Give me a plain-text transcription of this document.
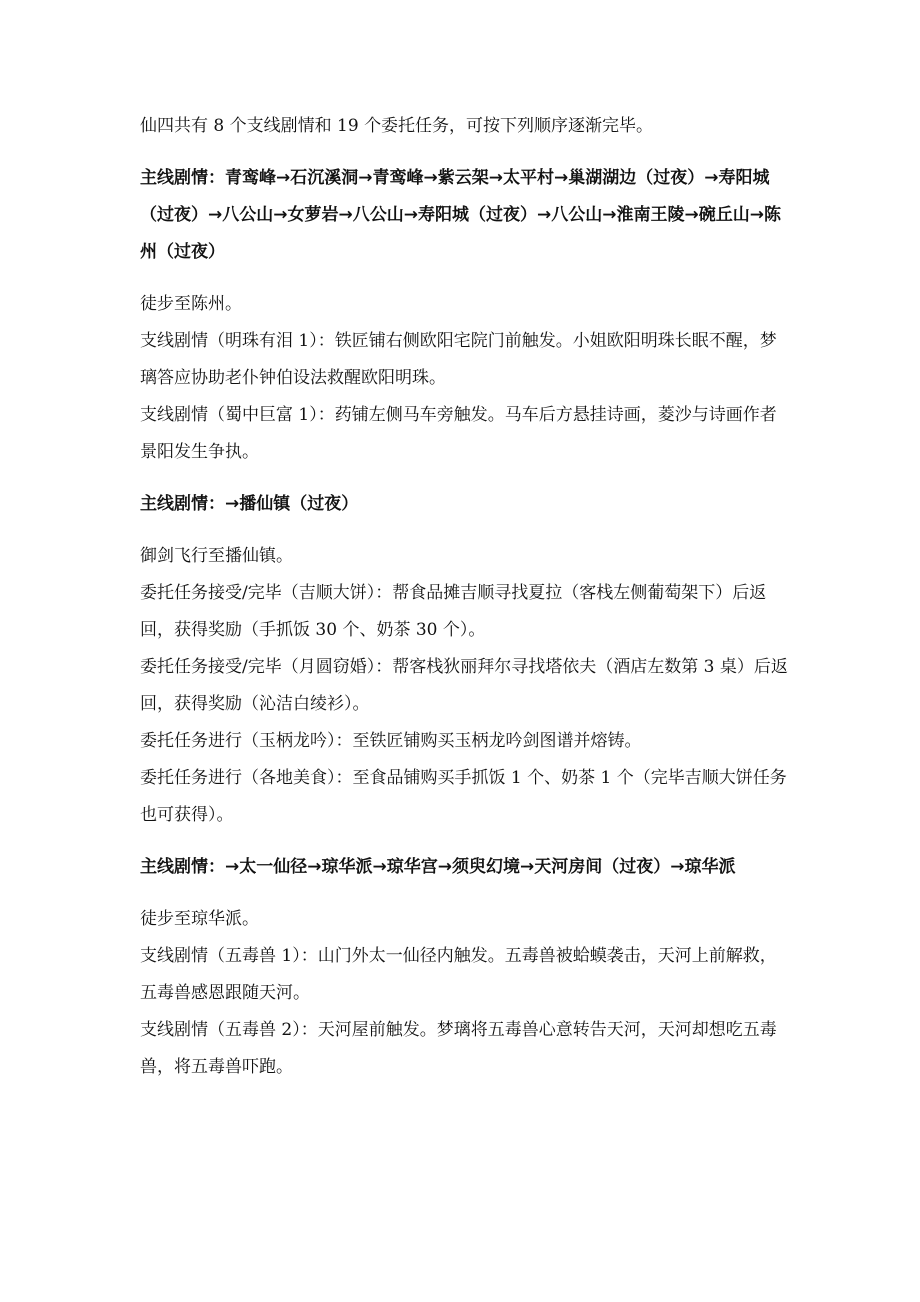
仙四共有 8 个支线剧情和 19 个委托任务，可按下列顺序逐渐完毕。

主线剧情：青鸾峰→石沉溪洞→青鸾峰→紫云架→太平村→巢湖湖边（过夜）→寿阳城（过夜）→八公山→女萝岩→八公山→寿阳城（过夜）→八公山→淮南王陵→碗丘山→陈州（过夜）

徒步至陈州。

支线剧情（明珠有泪 1）：铁匠铺右侧欧阳宅院门前触发。小姐欧阳明珠长眠不醒，梦璃答应协助老仆钟伯设法救醒欧阳明珠。

支线剧情（蜀中巨富 1）：药铺左侧马车旁触发。马车后方悬挂诗画，菱沙与诗画作者景阳发生争执。

主线剧情：→播仙镇（过夜）

御剑飞行至播仙镇。

委托任务接受/完毕（吉顺大饼）：帮食品摊吉顺寻找夏拉（客栈左侧葡萄架下）后返回，获得奖励（手抓饭 30 个、奶茶 30 个）。

委托任务接受/完毕（月圆窃婚）：帮客栈狄丽拜尔寻找塔依夫（酒店左数第 3 桌）后返回，获得奖励（沁洁白绫衫）。

委托任务进行（玉柄龙吟）：至铁匠铺购买玉柄龙吟剑图谱并熔铸。

委托任务进行（各地美食）：至食品铺购买手抓饭 1 个、奶茶 1 个（完毕吉顺大饼任务也可获得）。

主线剧情：→太一仙径→琼华派→琼华宫→须臾幻境→天河房间（过夜）→琼华派

徒步至琼华派。

支线剧情（五毒兽 1）：山门外太一仙径内触发。五毒兽被蛤蟆袭击，天河上前解救，五毒兽感恩跟随天河。

支线剧情（五毒兽 2）：天河屋前触发。梦璃将五毒兽心意转告天河，天河却想吃五毒兽，将五毒兽吓跑。
